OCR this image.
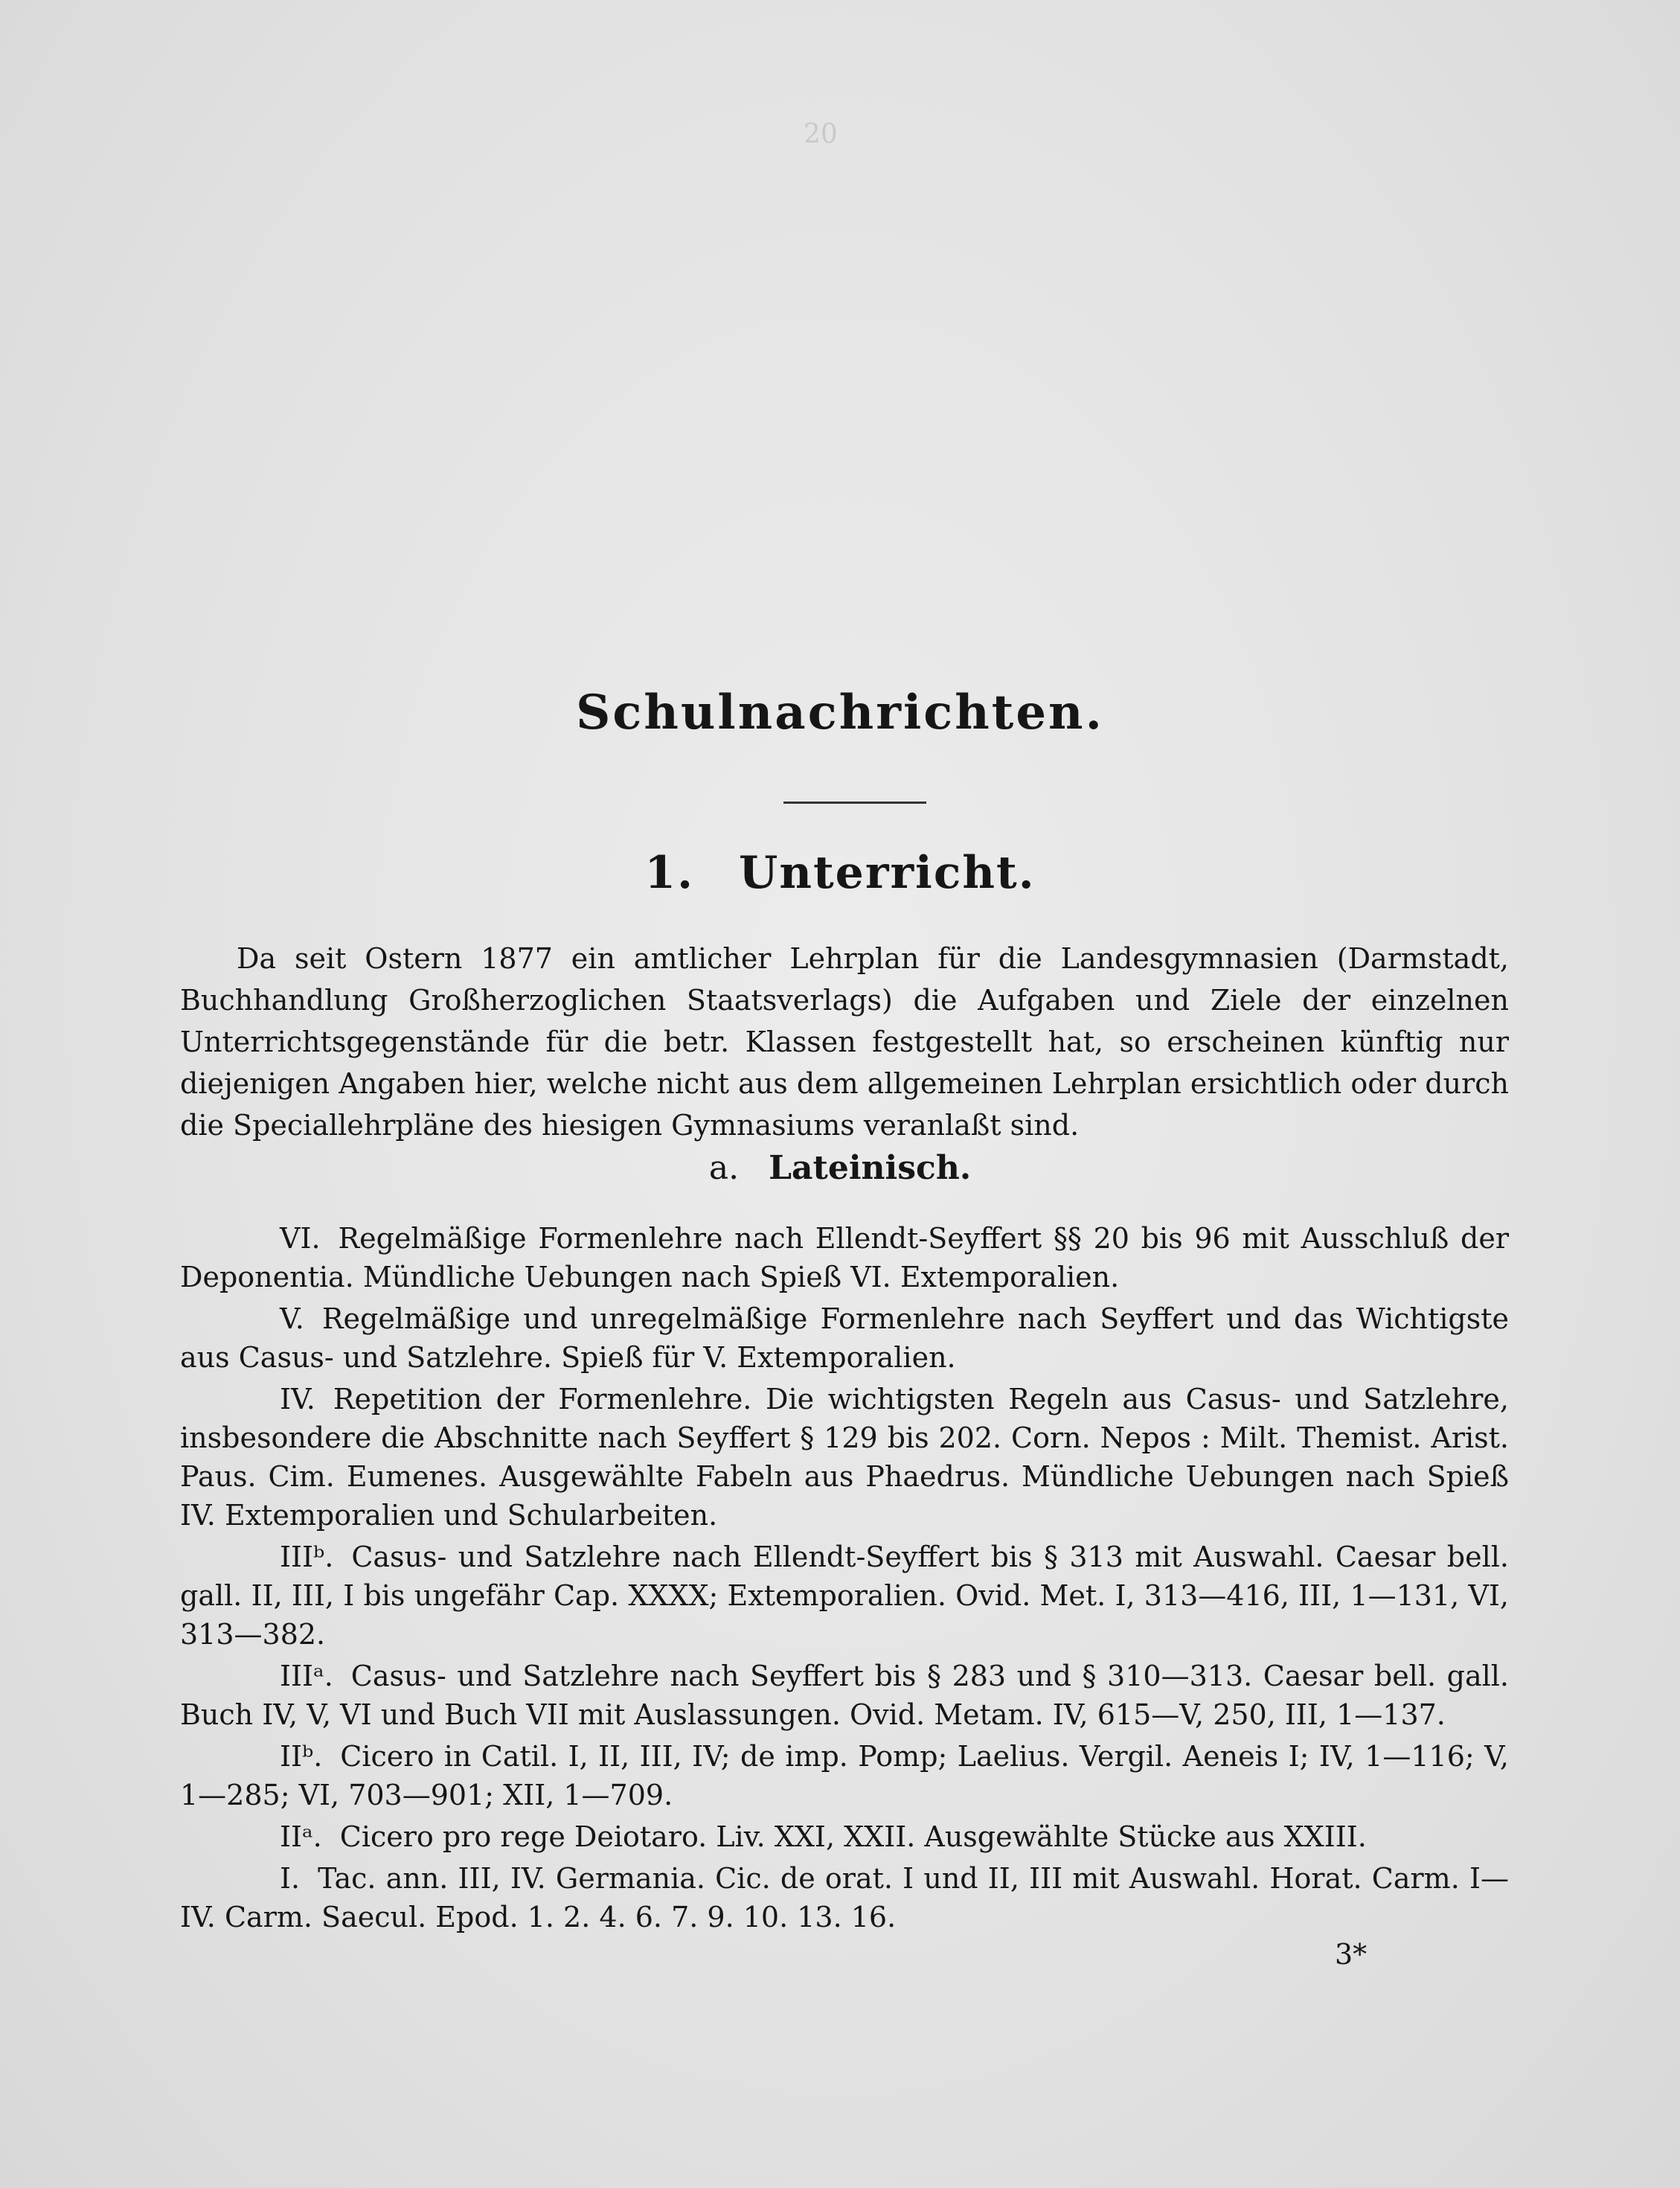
20
Schulnachrichten.
1. Unterricht.

Da seit Ostern 1877 ein amtlicher Lehrplan für die Landesgymnasien (Darmstadt, Buchhandlung Großherzoglichen Staatsverlags) die Aufgaben und Ziele der einzelnen Unterrichtsgegenstände für die betr. Klassen festgestellt hat, so erscheinen künftig nur diejenigen Angaben hier, welche nicht aus dem allgemeinen Lehrplan ersichtlich oder durch die Speciallehrpläne des hiesigen Gymnasiums veranlaßt sind.

a. Lateinisch.

VI. Regelmäßige Formenlehre nach Ellendt-Seyffert §§ 20 bis 96 mit Ausschluß der Deponentia. Mündliche Uebungen nach Spieß VI. Extemporalien.

V. Regelmäßige und unregelmäßige Formenlehre nach Seyffert und das Wichtigste aus Casus- und Satzlehre. Spieß für V. Extemporalien.

IV. Repetition der Formenlehre. Die wichtigsten Regeln aus Casus- und Satzlehre, insbesondere die Abschnitte nach Seyffert § 129 bis 202. Corn. Nepos : Milt. Themist. Arist. Paus. Cim. Eumenes. Ausgewählte Fabeln aus Phaedrus. Mündliche Uebungen nach Spieß IV. Extemporalien und Schularbeiten.

IIIᵇ. Casus- und Satzlehre nach Ellendt-Seyffert bis § 313 mit Auswahl. Caesar bell. gall. II, III, I bis ungefähr Cap. XXXX; Extemporalien. Ovid. Met. I, 313—416, III, 1—131, VI, 313—382.

IIIᵃ. Casus- und Satzlehre nach Seyffert bis § 283 und § 310—313. Caesar bell. gall. Buch IV, V, VI und Buch VII mit Auslassungen. Ovid. Metam. IV, 615—V, 250, III, 1—137.

IIᵇ. Cicero in Catil. I, II, III, IV; de imp. Pomp; Laelius. Vergil. Aeneis I; IV, 1—116; V, 1—285; VI, 703—901; XII, 1—709.

IIᵃ. Cicero pro rege Deiotaro. Liv. XXI, XXII. Ausgewählte Stücke aus XXIII.

I. Tac. ann. III, IV. Germania. Cic. de orat. I und II, III mit Auswahl. Horat. Carm. I—IV. Carm. Saecul. Epod. 1. 2. 4. 6. 7. 9. 10. 13. 16.

3*
